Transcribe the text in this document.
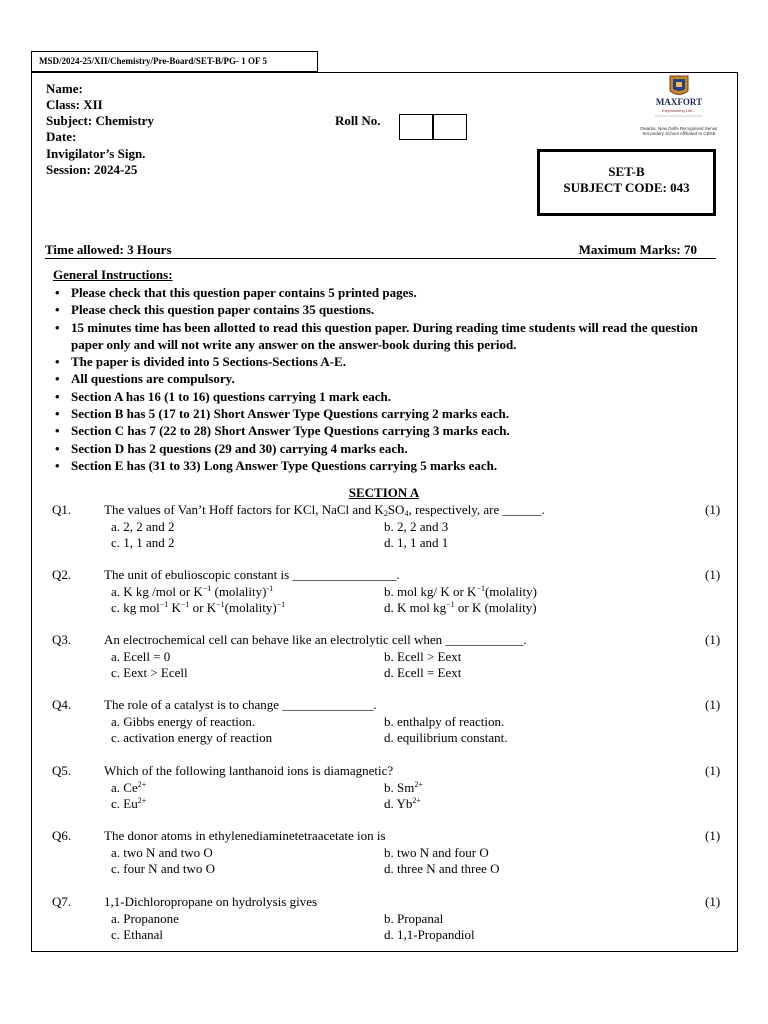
MSD/2024-25/XII/Chemistry/Pre-Board/SET-B/PG- 1 OF 5
Name:
Class: XII
Subject: Chemistry
Date:
Invigilator’s Sign.
Session: 2024-25
Roll No.
MAXFORT
Empowering Life...
Dwarka, New Delhi Recognised Senior Secondary School Affiliated to CBSE
SET-B
SUBJECT CODE: 043
Time allowed: 3 Hours	Maximum Marks: 70
General Instructions:
• Please check that this question paper contains 5 printed pages.
• Please check this question paper contains 35 questions.
• 15 minutes time has been allotted to read this question paper. During reading time students will read the question paper only and will not write any answer on the answer-book during this period.
• The paper is divided into 5 Sections-Sections A-E.
• All questions are compulsory.
• Section A has 16 (1 to 16) questions carrying 1 mark each.
• Section B has 5 (17 to 21) Short Answer Type Questions carrying 2 marks each.
• Section C has 7 (22 to 28) Short Answer Type Questions carrying 3 marks each.
• Section D has 2 questions (29 and 30) carrying 4 marks each.
• Section E has (31 to 33) Long Answer Type Questions carrying 5 marks each.
SECTION A
Q1.	The values of Van’t Hoff factors for KCl, NaCl and $K_2SO_4$, respectively, are ______.	(1)
a. 2, 2 and 2	b. 2, 2 and 3
c. 1, 1 and 2	d. 1, 1 and 1
Q2.	The unit of ebulioscopic constant is ________________.	(1)
a. K kg /mol or $K^{-1}$ (molality)$^{-1}$	b. mol kg/ K or $K^{-1}(molality)$
c. kg mol$^{-1}$ $K^{-1}$ or $K^{-1}(molality)^{-1}$	d. K mol $kg^{-1}$ or K (molality)
Q3.	An electrochemical cell can behave like an electrolytic cell when ____________.	(1)
a. Ecell = 0	b. Ecell > Eext
c. Eext > Ecell	d. Ecell = Eext
Q4.	The role of a catalyst is to change ______________.	(1)
a. Gibbs energy of reaction.	b. enthalpy of reaction.
c. activation energy of reaction	d. equilibrium constant.
Q5.	Which of the following lanthanoid ions is diamagnetic?	(1)
a. $Ce^{2+}$	b. $Sm^{2+}$
c. $Eu^{2+}$	d. $Yb^{2+}$
Q6.	The donor atoms in ethylenediaminetetraacetate ion is	(1)
a. two N and two O	b. two N and four O
c. four N and two O	d. three N and three O
Q7.	1,1-Dichloropropane on hydrolysis gives	(1)
a. Propanone	b. Propanal
c. Ethanal	d. 1,1-Propandiol
